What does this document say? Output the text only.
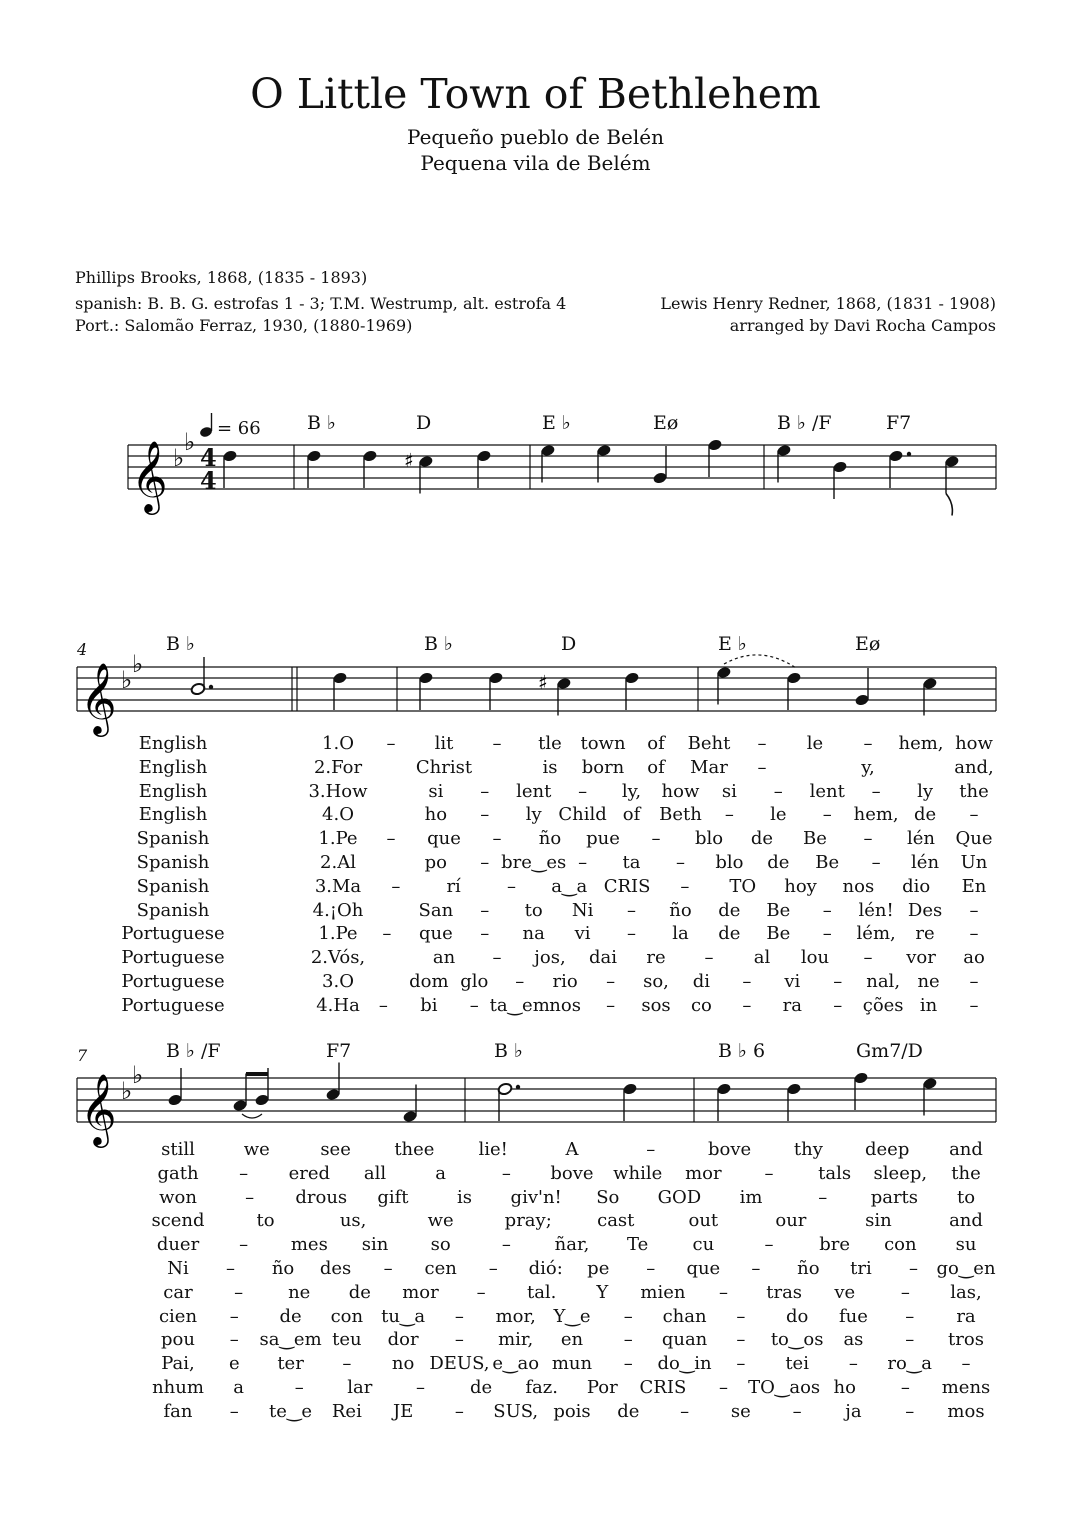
O Little Town of Bethlehem
Pequeño pueblo de Belén
Pequena vila de Belém
Phillips Brooks, 1868, (1835 - 1893)
spanish: B. B. G. estrofas 1 - 3; T.M. Westrump, alt. estrofa 4
Port.: Salomão Ferraz, 1930, (1880-1969)
Lewis Henry Redner, 1868, (1831 - 1908)
arranged by Davi Rocha Campos
𝄞 ♭
♭
4
4
𝄞 ♭
♭
𝄞 ♭
♭
♯
♯
= 66 B ♭	D	E ♭	Eø	B ♭ /F	F7
4	B ♭	B ♭	D	E ♭	Eø
7	B ♭ /F	F7	B ♭	B ♭ 6	Gm7/D
English
English
English
English
Spanish
Spanish
Spanish
Spanish
Portuguese
Portuguese
Portuguese
Portuguese
1.O – lit – tle town of Beht – le – hem, how
2.For	Christ	is born of Mar –	y,	and,
3.How	si – lent – ly, how si – lent – ly the
4.O	ho – ly Child of Beth – le – hem, de –
1.Pe – que – ño pue – blo de Be – lén Que
2.Al	po – bre‿es – ta – blo de Be – lén Un
3.Ma –	rí	– a‿a CRIS – TO hoy nos dio En
4.¡Oh	San – to Ni – ño de Be – lén! Des –
1.Pe – que – na vi – la de Be – lém, re –
2.Vós,	an – jos, dai re – al lou – vor ao
3.O	dom glo – rio – so, di – vi – nal, ne –
4.Ha – bi – ta‿em nos – sos co – ra – ções in –
still	we	see thee lie!	A	–	bove thy deep and
gath – ered all	a	– bove while mor – tals sleep, the
won	– drous gift	is giv'n! So GOD im	– parts to
scend	to	us,	we	pray;	cast	out	our	sin	and
duer – mes sin so	– ñar, Te cu	–	bre con su
Ni – ño des – cen – dió: pe – que – ño tri – go‿en
car – ne de mor – tal. Y mien – tras ve	– las,
cien – de con tu‿a – mor, Y‿e – chan – do fue – ra
pou – sa‿em teu dor – mir, en – quan – to‿os as – tros
Pai, e ter – no DEUS, e‿ao mun – do‿in – tei – ro‿a –
nhum a	– lar –	de faz. Por CRIS – TO‿aos ho – mens
fan – te‿e Rei JE – SUS, pois de – se – ja – mos
